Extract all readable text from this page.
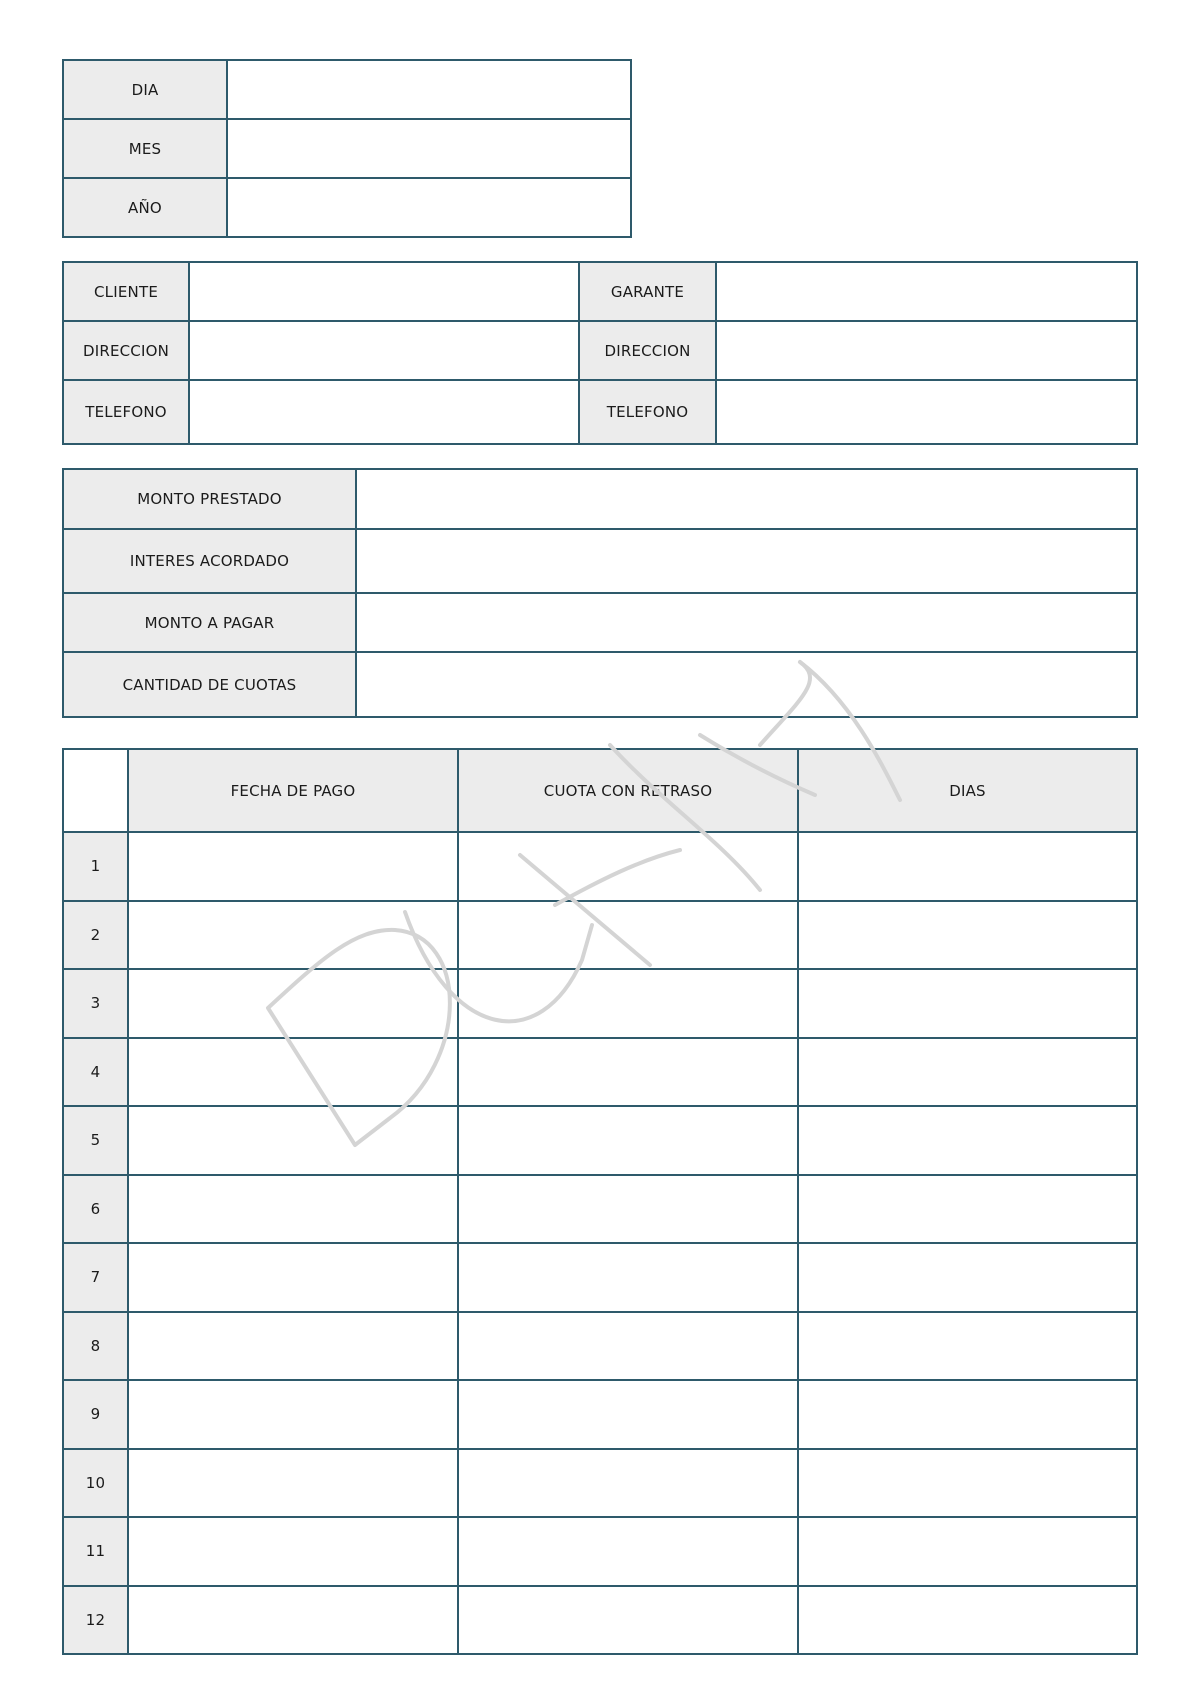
DIA	
MES	
AÑO	
CLIENTE		GARANTE	
DIRECCION		DIRECCION	
TELEFONO		TELEFONO	
MONTO PRESTADO	
INTERES ACORDADO	
MONTO A PAGAR	
CANTIDAD DE CUOTAS	
	FECHA DE PAGO	CUOTA CON RETRASO	DIAS
1			
2			
3			
4			
5			
6			
7			
8			
9			
10			
11			
12			
